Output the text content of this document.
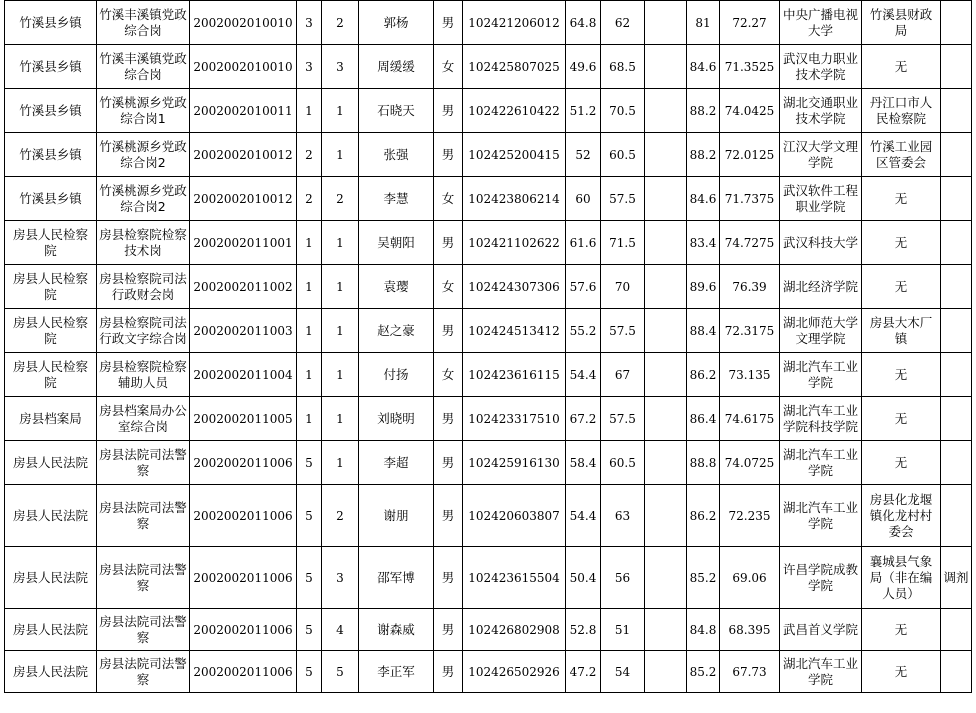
竹溪县乡镇	竹溪丰溪镇党政综合岗	2002002010010	3	2	郭杨	男	102421206012	64.8	62		81	72.27	中央广播电视大学	竹溪县财政局	
竹溪县乡镇	竹溪丰溪镇党政综合岗	2002002010010	3	3	周缓缓	女	102425807025	49.6	68.5		84.6	71.3525	武汉电力职业技术学院	无	
竹溪县乡镇	竹溪桃源乡党政综合岗1	2002002010011	1	1	石晓天	男	102422610422	51.2	70.5		88.2	74.0425	湖北交通职业技术学院	丹江口市人民检察院	
竹溪县乡镇	竹溪桃源乡党政综合岗2	2002002010012	2	1	张强	男	102425200415	52	60.5		88.2	72.0125	江汉大学文理学院	竹溪工业园区管委会	
竹溪县乡镇	竹溪桃源乡党政综合岗2	2002002010012	2	2	李慧	女	102423806214	60	57.5		84.6	71.7375	武汉软件工程职业学院	无	
房县人民检察院	房县检察院检察技术岗	2002002011001	1	1	吴朝阳	男	102421102622	61.6	71.5		83.4	74.7275	武汉科技大学	无	
房县人民检察院	房县检察院司法行政财会岗	2002002011002	1	1	袁璎	女	102424307306	57.6	70		89.6	76.39	湖北经济学院	无	
房县人民检察院	房县检察院司法行政文字综合岗	2002002011003	1	1	赵之豪	男	102424513412	55.2	57.5		88.4	72.3175	湖北师范大学文理学院	房县大木厂镇	
房县人民检察院	房县检察院检察辅助人员	2002002011004	1	1	付扬	女	102423616115	54.4	67		86.2	73.135	湖北汽车工业学院	无	
房县档案局	房县档案局办公室综合岗	2002002011005	1	1	刘晓明	男	102423317510	67.2	57.5		86.4	74.6175	湖北汽车工业学院科技学院	无	
房县人民法院	房县法院司法警察	2002002011006	5	1	李超	男	102425916130	58.4	60.5		88.8	74.0725	湖北汽车工业学院	无	
房县人民法院	房县法院司法警察	2002002011006	5	2	谢朋	男	102420603807	54.4	63		86.2	72.235	湖北汽车工业学院	房县化龙堰镇化龙村村委会	
房县人民法院	房县法院司法警察	2002002011006	5	3	邵军博	男	102423615504	50.4	56		85.2	69.06	许昌学院成教学院	襄城县气象局（非在编人员）	调剂
房县人民法院	房县法院司法警察	2002002011006	5	4	谢森威	男	102426802908	52.8	51		84.8	68.395	武昌首义学院	无	
房县人民法院	房县法院司法警察	2002002011006	5	5	李正军	男	102426502926	47.2	54		85.2	67.73	湖北汽车工业学院	无	
